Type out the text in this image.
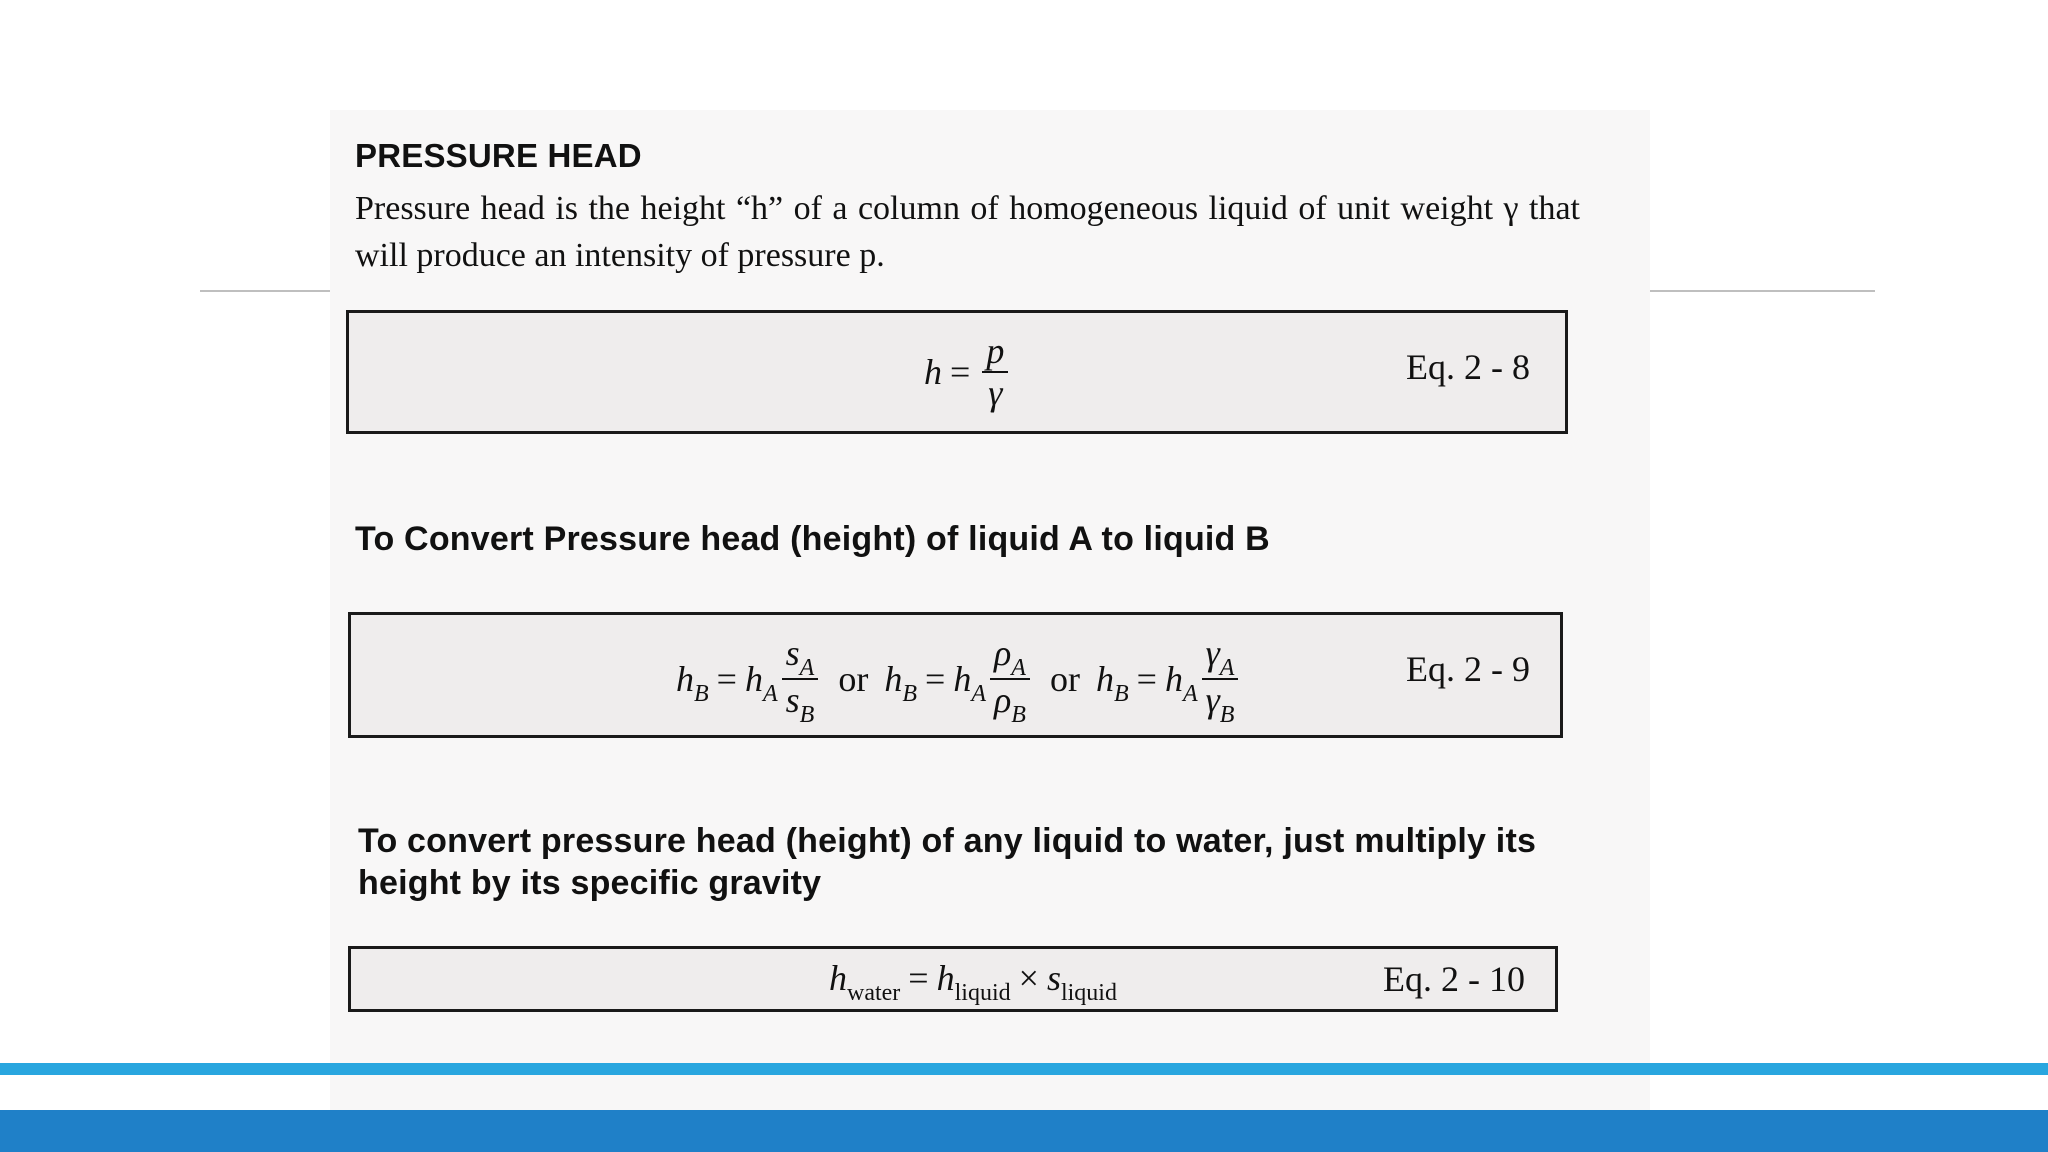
PRESSURE HEAD
Pressure head is the height “h” of a column of homogeneous liquid of unit weight γ that will produce an intensity of pressure p.
$h = \frac{p}{\gamma}$	Eq. 2 - 8
To Convert Pressure head (height) of liquid A to liquid B
$h_B = h_A \frac{s_A}{s_B}$ or $h_B = h_A \frac{\rho_A}{\rho_B}$ or $h_B = h_A \frac{\gamma_A}{\gamma_B}$	Eq. 2 - 9
To convert pressure head (height) of any liquid to water, just multiply its height by its specific gravity
$h_{water} = h_{liquid} \times s_{liquid}$	Eq. 2 - 10
